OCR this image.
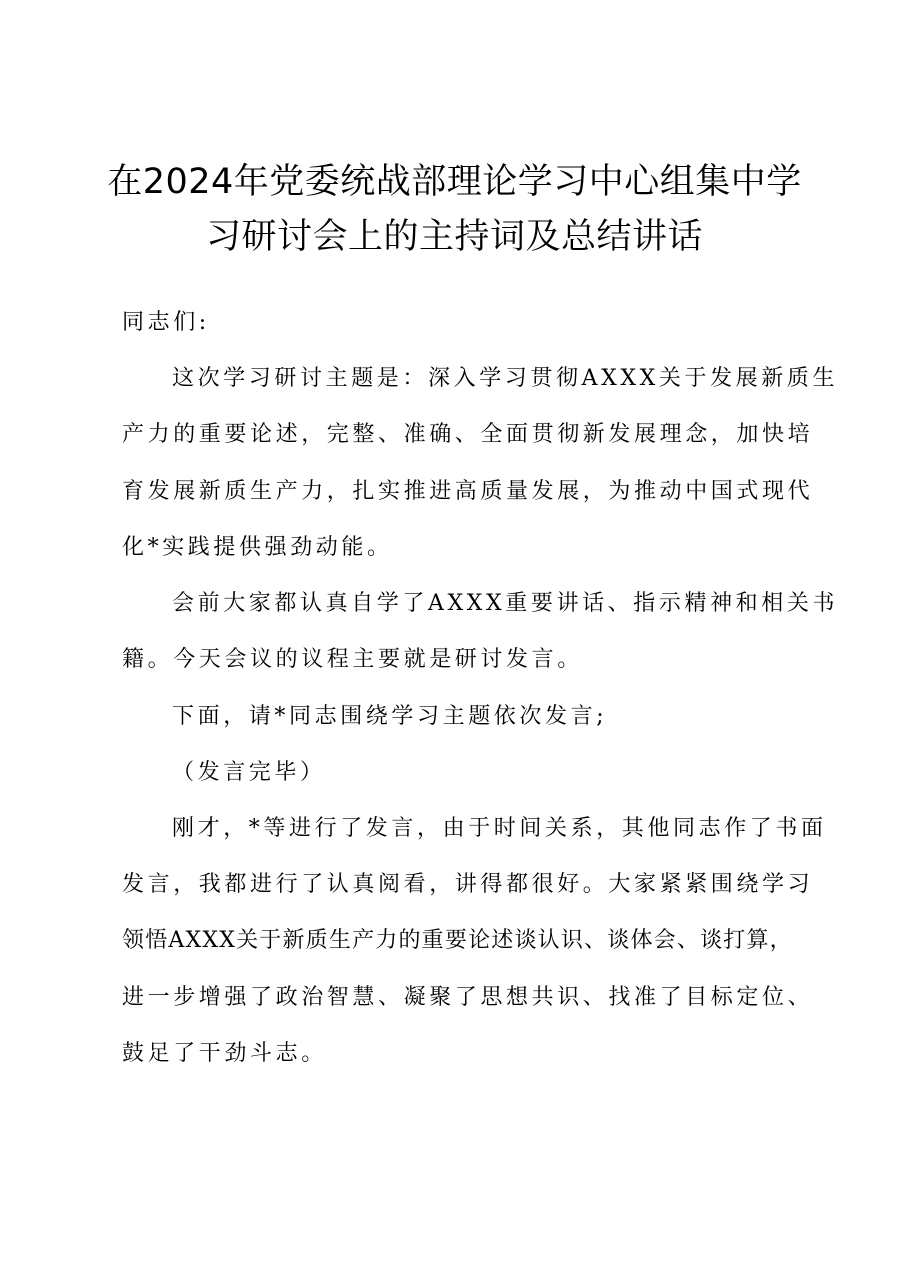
在2024年党委统战部理论学习中心组集中学
习研讨会上的主持词及总结讲话
同志们:
这次学习研讨主题是：深入学习贯彻AXXX关于发展新质生
产力的重要论述，完整、准确、全面贯彻新发展理念，加快培
育发展新质生产力，扎实推进高质量发展，为推动中国式现代
化*实践提供强劲动能。
会前大家都认真自学了AXXX重要讲话、指示精神和相关书
籍。今天会议的议程主要就是研讨发言。
下面，请*同志围绕学习主题依次发言;
（发言完毕）
刚才，*等进行了发言，由于时间关系，其他同志作了书面
发言，我都进行了认真阅看，讲得都很好。大家紧紧围绕学习
领悟AXXX关于新质生产力的重要论述谈认识、谈体会、谈打算，
进一步增强了政治智慧、凝聚了思想共识、找准了目标定位、
鼓足了干劲斗志。
